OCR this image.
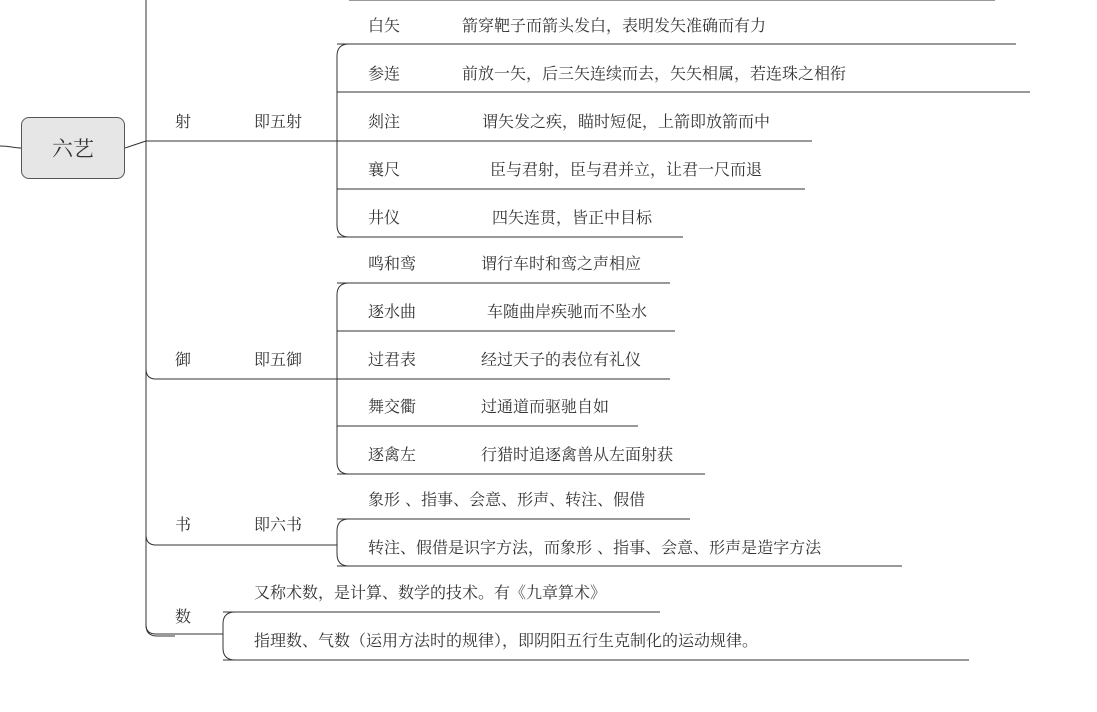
六艺
射	即五射
白矢	箭穿靶子而箭头发白，表明发矢准确而有力
参连	前放一矢，后三矢连续而去，矢矢相属，若连珠之相衔
剡注	谓矢发之疾，瞄时短促，上箭即放箭而中
襄尺	臣与君射，臣与君并立，让君一尺而退
井仪	四矢连贯，皆正中目标
御	即五御
鸣和鸾	谓行车时和鸾之声相应
逐水曲	车随曲岸疾驰而不坠水
过君表	经过天子的表位有礼仪
舞交衢	过通道而驱驰自如
逐禽左	行猎时追逐禽兽从左面射获
书	即六书
象形 、指事、会意、形声、转注、假借
转注、假借是识字方法，而象形 、指事、会意、形声是造字方法
数
又称术数，是计算、数学的技术。有《九章算术》
指理数、气数（运用方法时的规律），即阴阳五行生克制化的运动规律。
